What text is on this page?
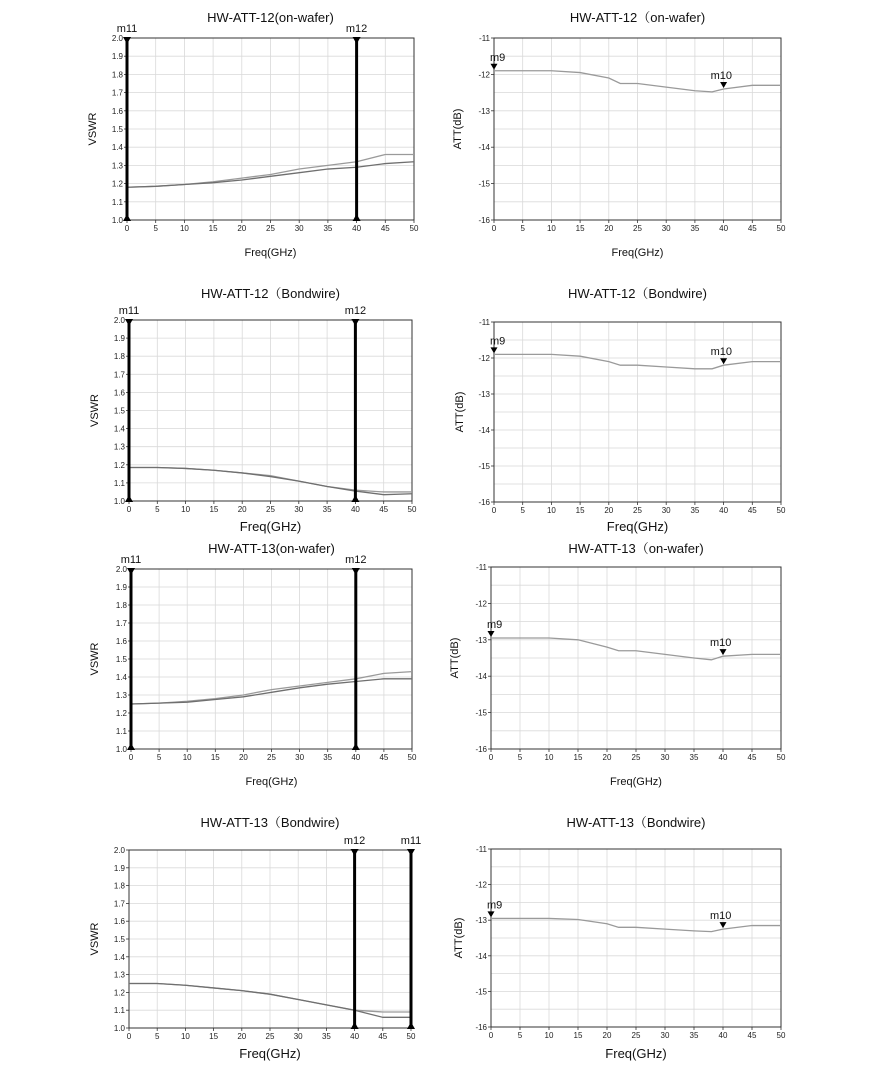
HW-ATT-12(on-wafer)
0	5	10 15 20 25 30 35 40 45 50
1.0
1.1
1.2
1.3
1.4
1.5
1.6
1.7
1.8
1.9
2.0
Freq(GHz)
VSWR
m11	m12
HW-ATT-12（on-wafer)
0	5	10 15 20 25 30 35 40 45 50
-16
-15
-14
-13
-12
-11
Freq(GHz)
ATT(dB)
m9
m10
HW-ATT-12（Bondwire)
0	5	10 15 20 25 30 35 40 45 50
1.0
1.1
1.2
1.3
1.4
1.5
1.6
1.7
1.8
1.9
2.0
Freq(GHz)
VSWR
m11	m12
HW-ATT-12（Bondwire)
0	5	10 15 20 25 30 35 40 45 50
-16
-15
-14
-13
-12
-11
Freq(GHz)
ATT(dB)
m9
m10
HW-ATT-13(on-wafer)
0	5	10 15 20 25 30 35 40 45 50
1.0
1.1
1.2
1.3
1.4
1.5
1.6
1.7
1.8
1.9
2.0
Freq(GHz)
VSWR
m11	m12
HW-ATT-13（on-wafer)
0	5	10	15	20	25	30	35	40	45	50
-16
-15
-14
-13
-12
-11
Freq(GHz)
ATT(dB)
m9
m10
HW-ATT-13（Bondwire)
0	5	10 15 20 25 30 35 40 45 50
1.0
1.1
1.2
1.3
1.4
1.5
1.6
1.7
1.8
1.9
2.0
Freq(GHz)
VSWR
m12	m11
HW-ATT-13（Bondwire)
0	5	10	15	20	25	30	35	40	45	50
-16
-15
-14
-13
-12
-11
Freq(GHz)
ATT(dB)
m9
m10
